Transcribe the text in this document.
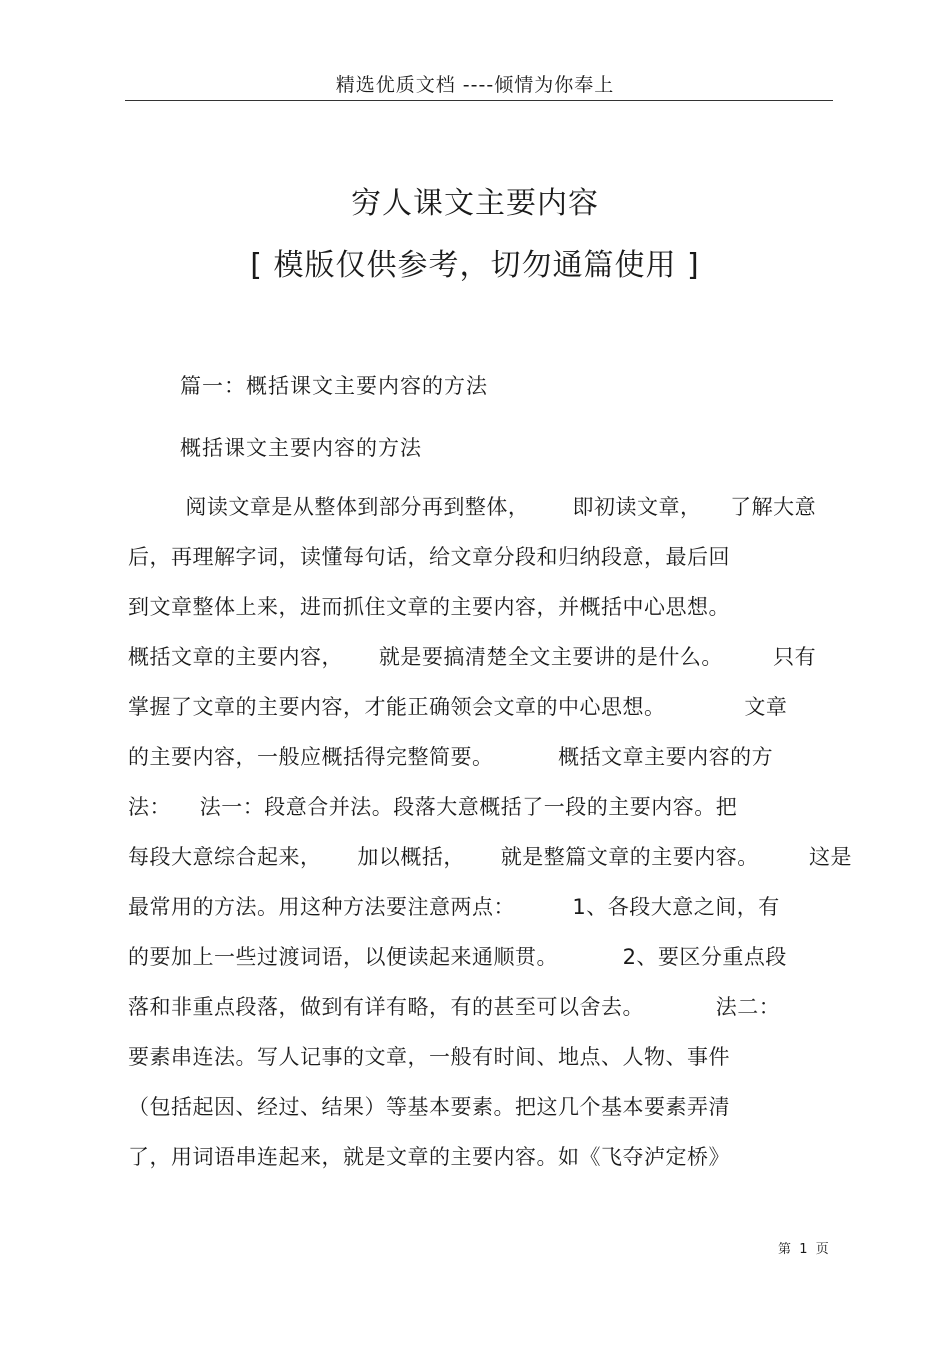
精选优质文档 ----倾情为你奉上
穷人课文主要内容
[ 模版仅供参考，切勿通篇使用 ]
篇一：概括课文主要内容的方法
概括课文主要内容的方法
阅读文章是从整体到部分再到整体，      即初读文章，    了解大意
后，再理解字词，读懂每句话，给文章分段和归纳段意，最后回
到文章整体上来，进而抓住文章的主要内容，并概括中心思想。
概括文章的主要内容，     就是要搞清楚全文主要讲的是什么。       只有
掌握了文章的主要内容，才能正确领会文章的中心思想。           文章
的主要内容，一般应概括得完整简要。         概括文章主要内容的方
法：    法一：段意合并法。段落大意概括了一段的主要内容。把
每段大意综合起来，     加以概括，     就是整篇文章的主要内容。       这是
最常用的方法。用这种方法要注意两点：        1、各段大意之间，有
的要加上一些过渡词语，以便读起来通顺贯。         2、要区分重点段
落和非重点段落，做到有详有略，有的甚至可以舍去。          法二：
要素串连法。写人记事的文章，一般有时间、地点、人物、事件
（包括起因、经过、结果）等基本要素。把这几个基本要素弄清
了，用词语串连起来，就是文章的主要内容。如《飞夺泸定桥》
第  1  页
